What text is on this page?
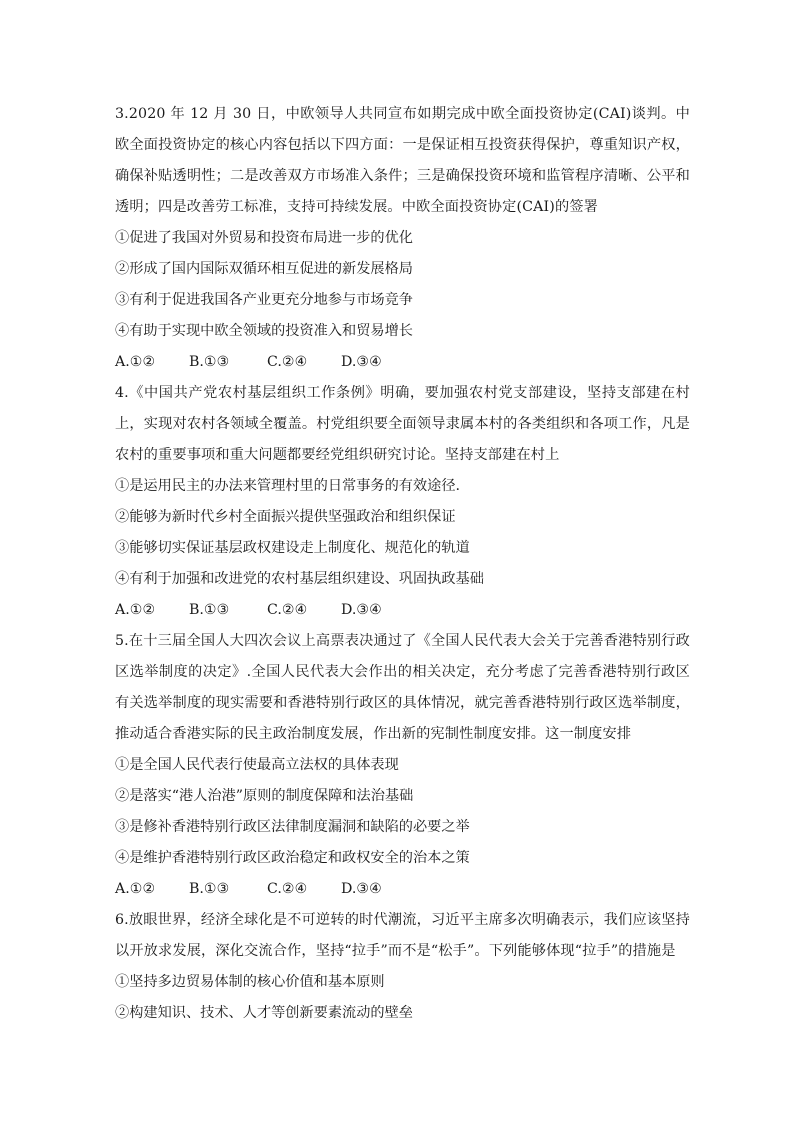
3.2020 年 12 月 30 日，中欧领导人共同宣布如期完成中欧全面投资协定(CAI)谈判。中欧全面投资协定的核心内容包括以下四方面：一是保证相互投资获得保护，尊重知识产权，确保补贴透明性；二是改善双方市场准入条件；三是确保投资环境和监管程序清晰、公平和透明；四是改善劳工标准，支持可持续发展。中欧全面投资协定(CAI)的签署

①促进了我国对外贸易和投资布局进一步的优化

②形成了国内国际双循环相互促进的新发展格局

③有利于促进我国各产业更充分地参与市场竞争

④有助于实现中欧全领域的投资准入和贸易增长

A.①②	B.①③	C.②④	D.③④

4.《中国共产党农村基层组织工作条例》明确，要加强农村党支部建设，坚持支部建在村上，实现对农村各领域全覆盖。村党组织要全面领导隶属本村的各类组织和各项工作，凡是农村的重要事项和重大问题都要经党组织研究讨论。坚持支部建在村上

①是运用民主的办法来管理村里的日常事务的有效途径.

②能够为新时代乡村全面振兴提供坚强政治和组织保证

③能够切实保证基层政权建设走上制度化、规范化的轨道

④有利于加强和改进党的农村基层组织建设、巩固执政基础

A.①②	B.①③	C.②④	D.③④

5.在十三届全国人大四次会议上高票表决通过了《全国人民代表大会关于完善香港特别行政区选举制度的决定》.全国人民代表大会作出的相关决定，充分考虑了完善香港特别行政区有关选举制度的现实需要和香港特别行政区的具体情况，就完善香港特别行政区选举制度，推动适合香港实际的民主政治制度发展，作出新的宪制性制度安排。这一制度安排

①是全国人民代表行使最高立法权的具体表现

②是落实“港人治港”原则的制度保障和法治基础

③是修补香港特别行政区法律制度漏洞和缺陷的必要之举

④是维护香港特别行政区政治稳定和政权安全的治本之策

A.①②	B.①③	C.②④	D.③④

6.放眼世界，经济全球化是不可逆转的时代潮流，习近平主席多次明确表示，我们应该坚持以开放求发展，深化交流合作，坚持“拉手”而不是“松手”。下列能够体现“拉手”的措施是

①坚持多边贸易体制的核心价值和基本原则

②构建知识、技术、人才等创新要素流动的壁垒
